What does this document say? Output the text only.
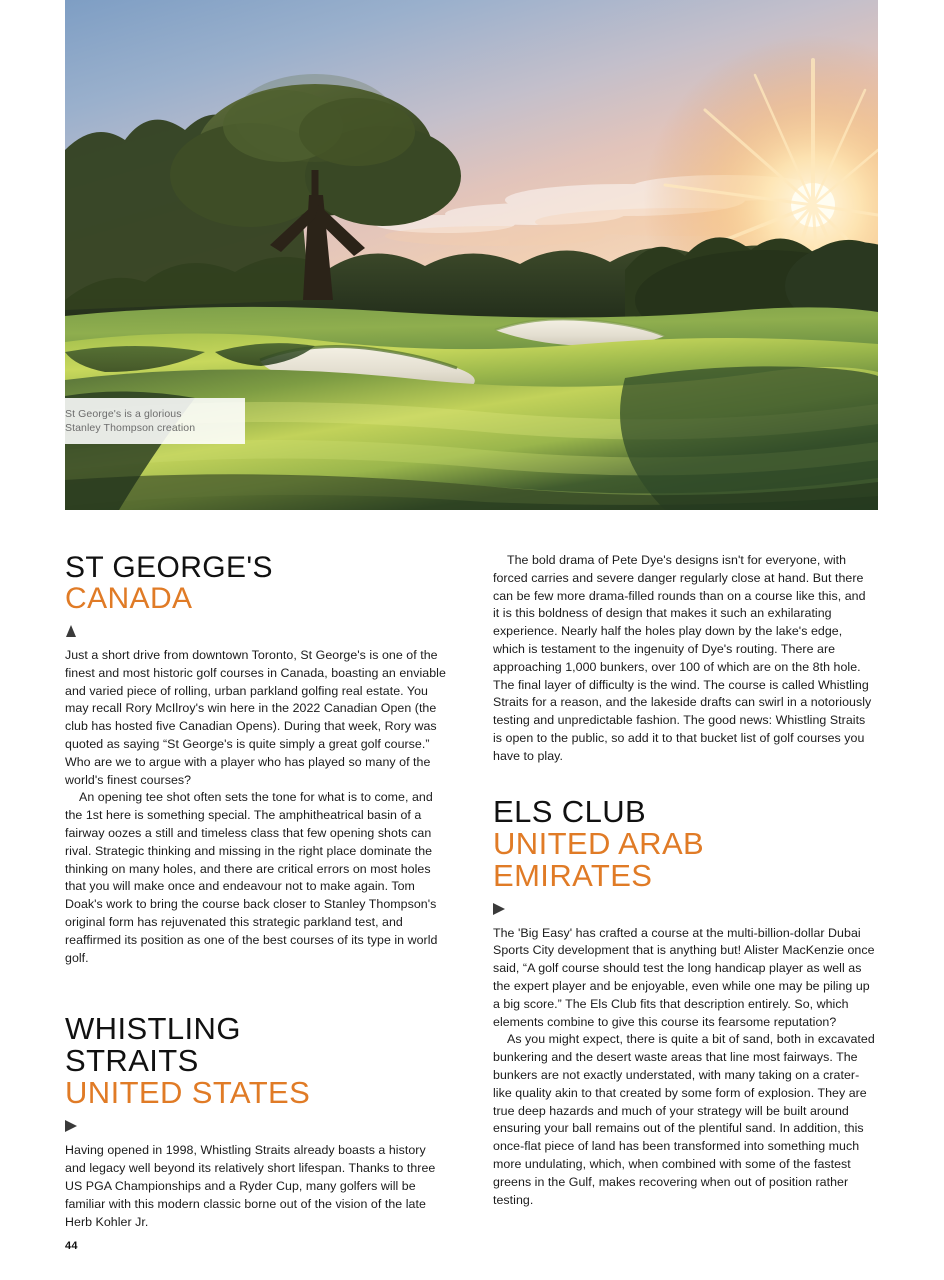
St George's is a glorious
Stanley Thompson creation
ST GEORGE'S
CANADA

Just a short drive from downtown Toronto, St George's is one of the finest and most historic golf courses in Canada, boasting an enviable and varied piece of rolling, urban parkland golfing real estate. You may recall Rory McIlroy's win here in the 2022 Canadian Open (the club has hosted five Canadian Opens). During that week, Rory was quoted as saying “St George's is quite simply a great golf course.” Who are we to argue with a player who has played so many of the world's finest courses?

An opening tee shot often sets the tone for what is to come, and the 1st here is something special. The amphitheatrical basin of a fairway oozes a still and timeless class that few opening shots can rival. Strategic thinking and missing in the right place dominate the thinking on many holes, and there are critical errors on most holes that you will make once and endeavour not to make again. Tom Doak's work to bring the course back closer to Stanley Thompson's original form has rejuvenated this strategic parkland test, and reaffirmed its position as one of the best courses of its type in world golf.

WHISTLING
STRAITS
UNITED STATES

Having opened in 1998, Whistling Straits already boasts a history and legacy well beyond its relatively short lifespan. Thanks to three US PGA Championships and a Ryder Cup, many golfers will be familiar with this modern classic borne out of the vision of the late Herb Kohler Jr.

The bold drama of Pete Dye's designs isn't for everyone, with forced carries and severe danger regularly close at hand. But there can be few more drama-filled rounds than on a course like this, and it is this boldness of design that makes it such an exhilarating experience. Nearly half the holes play down by the lake's edge, which is testament to the ingenuity of Dye's routing. There are approaching 1,000 bunkers, over 100 of which are on the 8th hole. The final layer of difficulty is the wind. The course is called Whistling Straits for a reason, and the lakeside drafts can swirl in a notoriously testing and unpredictable fashion. The good news: Whistling Straits is open to the public, so add it to that bucket list of golf courses you have to play.

ELS CLUB
UNITED ARAB
EMIRATES

The 'Big Easy' has crafted a course at the multi-billion-dollar Dubai Sports City development that is anything but! Alister MacKenzie once said, “A golf course should test the long handicap player as well as the expert player and be enjoyable, even while one may be piling up a big score.” The Els Club fits that description entirely. So, which elements combine to give this course its fearsome reputation?

As you might expect, there is quite a bit of sand, both in excavated bunkering and the desert waste areas that line most fairways. The bunkers are not exactly understated, with many taking on a crater-like quality akin to that created by some form of explosion. They are true deep hazards and much of your strategy will be built around ensuring your ball remains out of the plentiful sand. In addition, this once-flat piece of land has been transformed into something much more undulating, which, when combined with some of the fastest greens in the Gulf, makes recovering when out of position rather testing.

44
